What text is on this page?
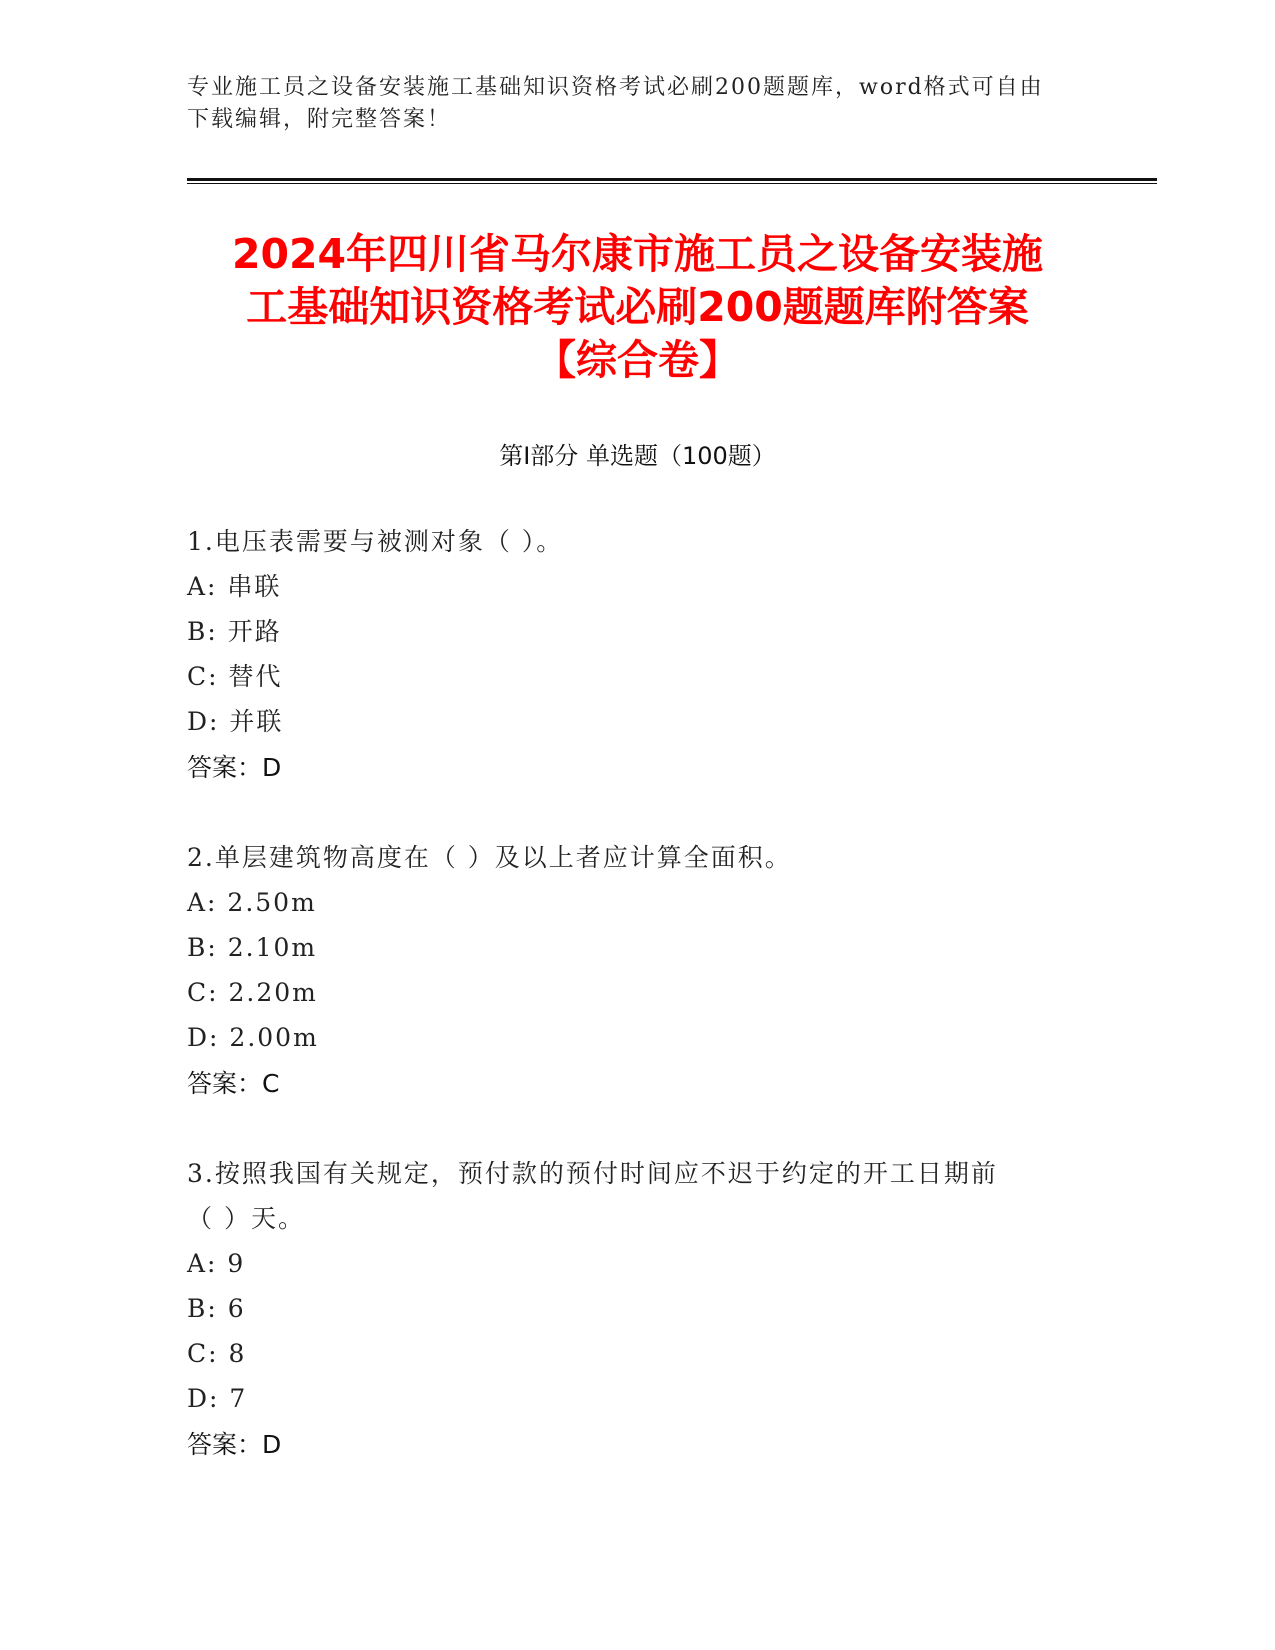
专业施工员之设备安装施工基础知识资格考试必刷200题题库，word格式可自由
下载编辑，附完整答案！
2024年四川省马尔康市施工员之设备安装施
工基础知识资格考试必刷200题题库附答案
【综合卷】
第Ⅰ部分 单选题（100题）
1.电压表需要与被测对象（ ）。
A: 串联
B: 开路
C: 替代
D: 并联
答案：D
2.单层建筑物高度在（ ）及以上者应计算全面积。
A: 2.50m
B: 2.10m
C: 2.20m
D: 2.00m
答案：C
3.按照我国有关规定，预付款的预付时间应不迟于约定的开工日期前
（ ）天。
A: 9
B: 6
C: 8
D: 7
答案：D
